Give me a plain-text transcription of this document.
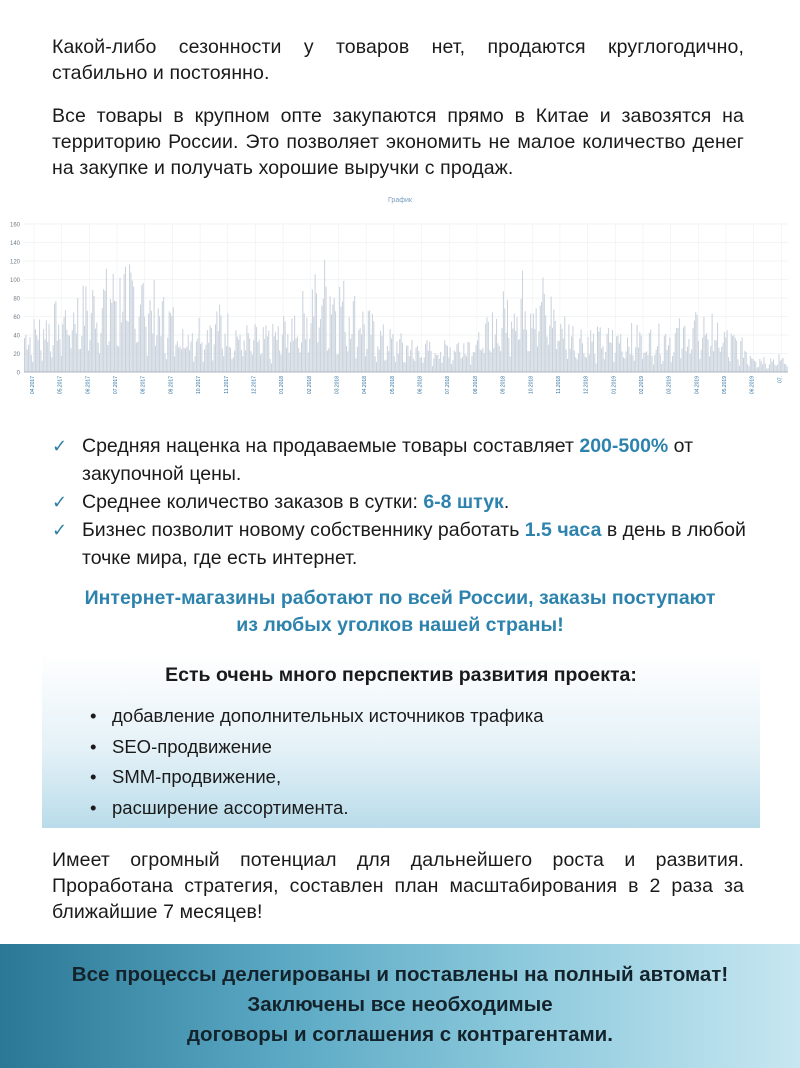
Какой-либо сезонности у товаров нет, продаются круглогодично, стабильно и постоянно.

Все товары в крупном опте закупаются прямо в Китае и завозятся на территорию России. Это позволяет экономить не малое количество денег на закупке и получать хорошие выручки с продаж.

График
0
20
40
60
80
100
120
140
160
04.2017	05.2017	06.2017	07.2017	08.2017	09.2017	10.2017	11.2017	12.2017	01.2018	02.2018	03.2018	04.2018	05.2018	06.2018	07.2018	08.2018	09.2018	10.2018	11.2018	12.2018	01.2019	02.2019	03.2019	04.2019	05.2019	06.2019	07.
✓ Средняя наценка на продаваемые товары составляет 200-500% от закупочной цены.
✓ Среднее количество заказов в сутки: 6-8 штук.
✓ Бизнес позволит новому собственнику работать 1.5 часа в день в любой точке мира, где есть интернет.
Интернет-магазины работают по всей России, заказы поступают
из любых уголков нашей страны!
Есть очень много перспектив развития проекта:
• добавление дополнительных источников трафика
• SEO-продвижение
• SMM-продвижение,
• расширение ассортимента.

Имеет огромный потенциал для дальнейшего роста и развития. Проработана стратегия, составлен план масштабирования в 2 раза за ближайшие 7 месяцев!

Все процессы делегированы и поставлены на полный автомат!
Заключены все необходимые
договоры и соглашения с контрагентами.
